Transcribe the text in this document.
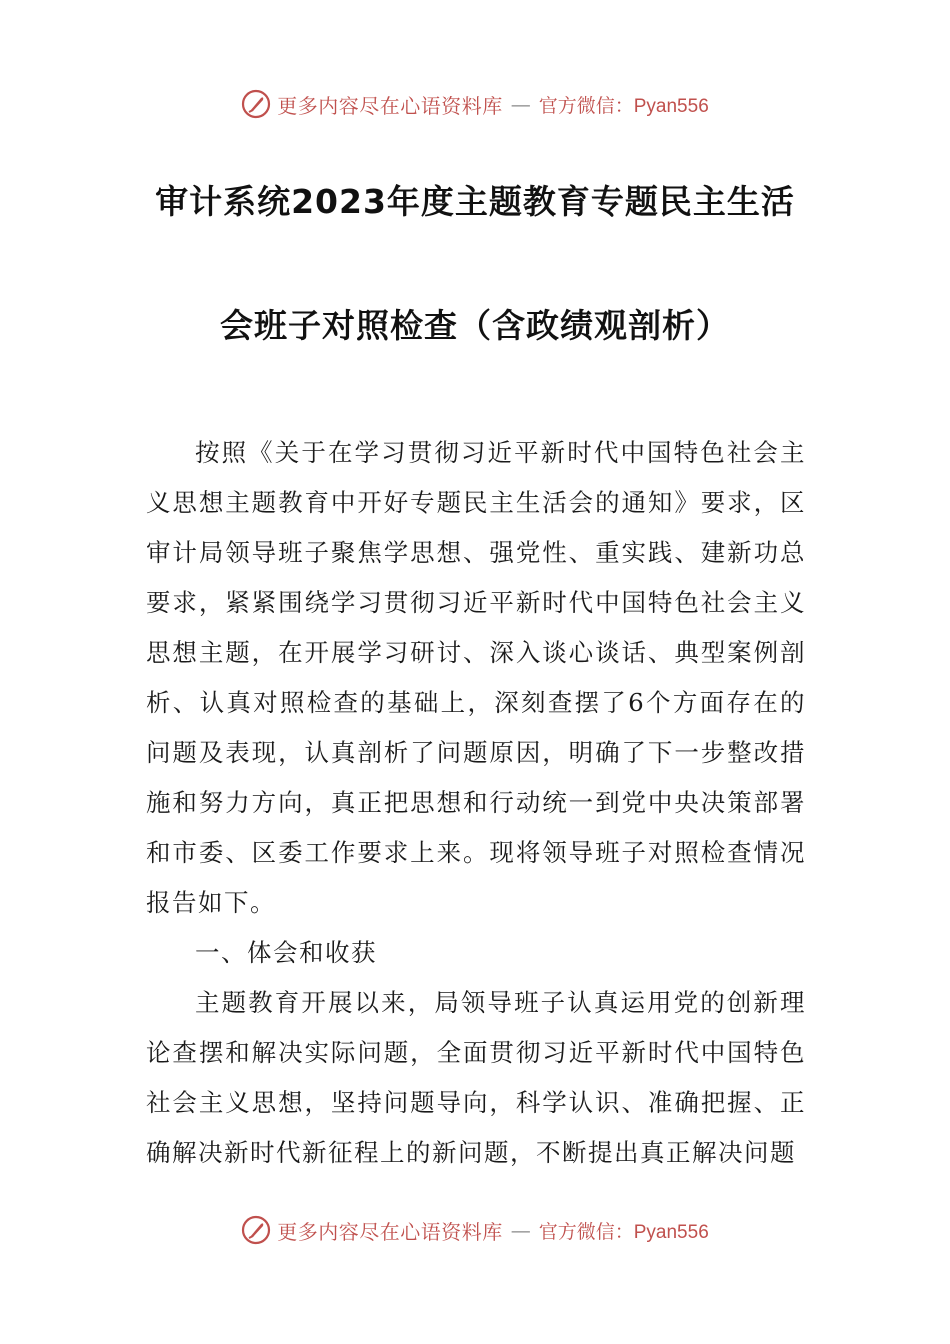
更多内容尽在心语资料库 — 官方微信：Pyan556
审计系统2023年度主题教育专题民主生活
会班子对照检查（含政绩观剖析）

按照《关于在学习贯彻习近平新时代中国特色社会主义思想主题教育中开好专题民主生活会的通知》要求，区审计局领导班子聚焦学思想、强党性、重实践、建新功总要求，紧紧围绕学习贯彻习近平新时代中国特色社会主义思想主题，在开展学习研讨、深入谈心谈话、典型案例剖析、认真对照检查的基础上，深刻查摆了6个方面存在的问题及表现，认真剖析了问题原因，明确了下一步整改措施和努力方向，真正把思想和行动统一到党中央决策部署和市委、区委工作要求上来。现将领导班子对照检查情况报告如下。

一、体会和收获

主题教育开展以来，局领导班子认真运用党的创新理论查摆和解决实际问题，全面贯彻习近平新时代中国特色社会主义思想，坚持问题导向，科学认识、准确把握、正确解决新时代新征程上的新问题，不断提出真正解决问题

更多内容尽在心语资料库 — 官方微信：Pyan556
